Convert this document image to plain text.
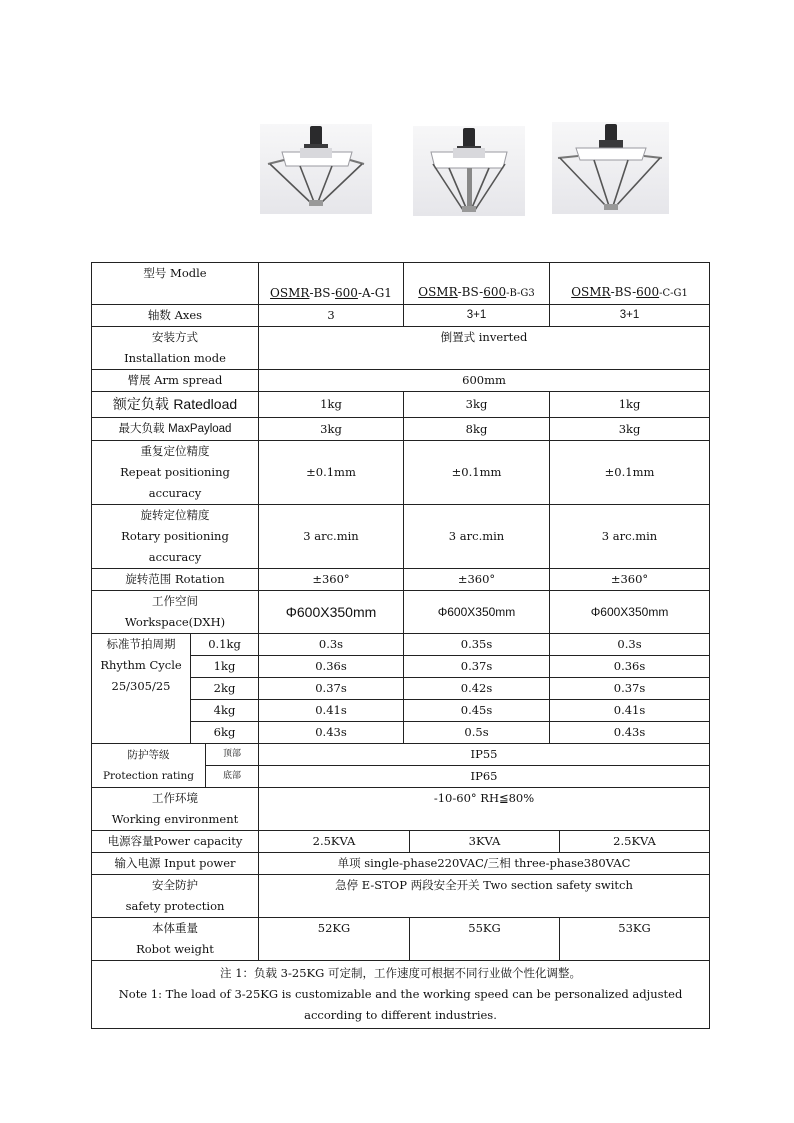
型号 Modle			OSMR-BS-600-A-G1	OSMR-BS-600-B-G3		OSMR-BS-600-C-G1	
轴数 Axes			3	3+1		3+1	

安装方式
Installation mode			倒置式 inverted				
臂展 Arm spread			600mm				
额定负载 Ratedload			1kg	3kg		1kg	
最大负载 MaxPayload			3kg	8kg		3kg	

重复定位精度
Repeat positioning
accuracy			±0.1mm	±0.1mm		±0.1mm	

旋转定位精度
Rotary positioning
accuracy			3 arc.min	3 arc.min		3 arc.min	
旋转范围 Rotation			±360°	±360°		±360°	

工作空间
Workspace(DXH)			Φ600X350mm	Φ600X350mm		Φ600X350mm	

标准节拍周期
Rhythm Cycle
25/305/25	0.1kg		0.3s	0.35s		0.3s	
	1kg		0.36s	0.37s		0.36s	
	2kg		0.37s	0.42s		0.37s	
	4kg		0.41s	0.45s		0.41s	
	6kg		0.43s	0.5s		0.43s	

防护等级
Protection rating		顶部	IP55				
		底部	IP65				

工作环境
Working environment			-10-60° RH≦80%				
电源容量Power capacity			2.5KVA		3KVA		2.5KVA
输入电源 Input power			单项 single-phase220VAC/三相 three-phase380VAC				

安全防护
safety protection			急停 E-STOP 两段安全开关 Two section safety switch				

本体重量
Robot weight			52KG		55KG		53KG

注 1：负载 3-25KG 可定制，工作速度可根据不同行业做个性化调整。
Note 1: The load of 3-25KG is customizable and the working speed can be personalized adjusted according to different industries.							
